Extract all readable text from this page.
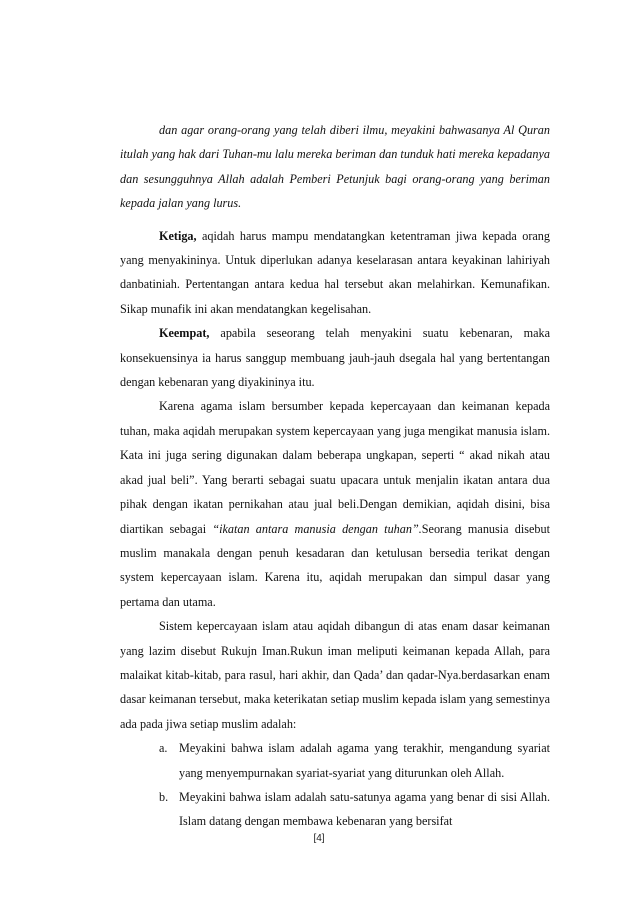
dan agar orang-orang yang telah diberi ilmu, meyakini bahwasanya Al Quran itulah yang hak dari Tuhan-mu lalu mereka beriman dan tunduk hati mereka kepadanya dan sesungguhnya Allah adalah Pemberi Petunjuk bagi orang-orang yang beriman kepada jalan yang lurus.

Ketiga, aqidah harus mampu mendatangkan ketentraman jiwa kepada orang yang menyakininya. Untuk diperlukan adanya keselarasan antara keyakinan lahiriyah danbatiniah. Pertentangan antara kedua hal tersebut akan melahirkan. Kemunafikan. Sikap munafik ini akan mendatangkan kegelisahan.

Keempat, apabila seseorang telah menyakini suatu kebenaran, maka konsekuensinya ia harus sanggup membuang jauh-jauh dsegala hal yang bertentangan dengan kebenaran yang diyakininya itu.

Karena agama islam bersumber kepada kepercayaan dan keimanan kepada tuhan, maka aqidah merupakan system kepercayaan yang juga mengikat manusia islam. Kata ini juga sering digunakan dalam beberapa ungkapan, seperti “ akad nikah atau akad jual beli”. Yang berarti sebagai suatu upacara untuk menjalin ikatan antara dua pihak dengan ikatan pernikahan atau jual beli.Dengan demikian, aqidah disini, bisa diartikan sebagai “ikatan antara manusia dengan tuhan”.Seorang manusia disebut muslim manakala dengan penuh kesadaran dan ketulusan bersedia terikat dengan system kepercayaan islam. Karena itu, aqidah merupakan dan simpul dasar yang pertama dan utama.

Sistem kepercayaan islam atau aqidah dibangun di atas enam dasar keimanan yang lazim disebut Rukujn Iman.Rukun iman meliputi keimanan kepada Allah, para malaikat kitab-kitab, para rasul, hari akhir, dan Qada’ dan qadar-Nya.berdasarkan enam dasar keimanan tersebut, maka keterikatan setiap muslim kepada islam yang semestinya ada pada jiwa setiap muslim adalah:

a. Meyakini bahwa islam adalah agama yang terakhir, mengandung syariat yang menyempurnakan syariat-syariat yang diturunkan oleh Allah.
b. Meyakini bahwa islam adalah satu-satunya agama yang benar di sisi Allah. Islam datang dengan membawa kebenaran yang bersifat
[4]
